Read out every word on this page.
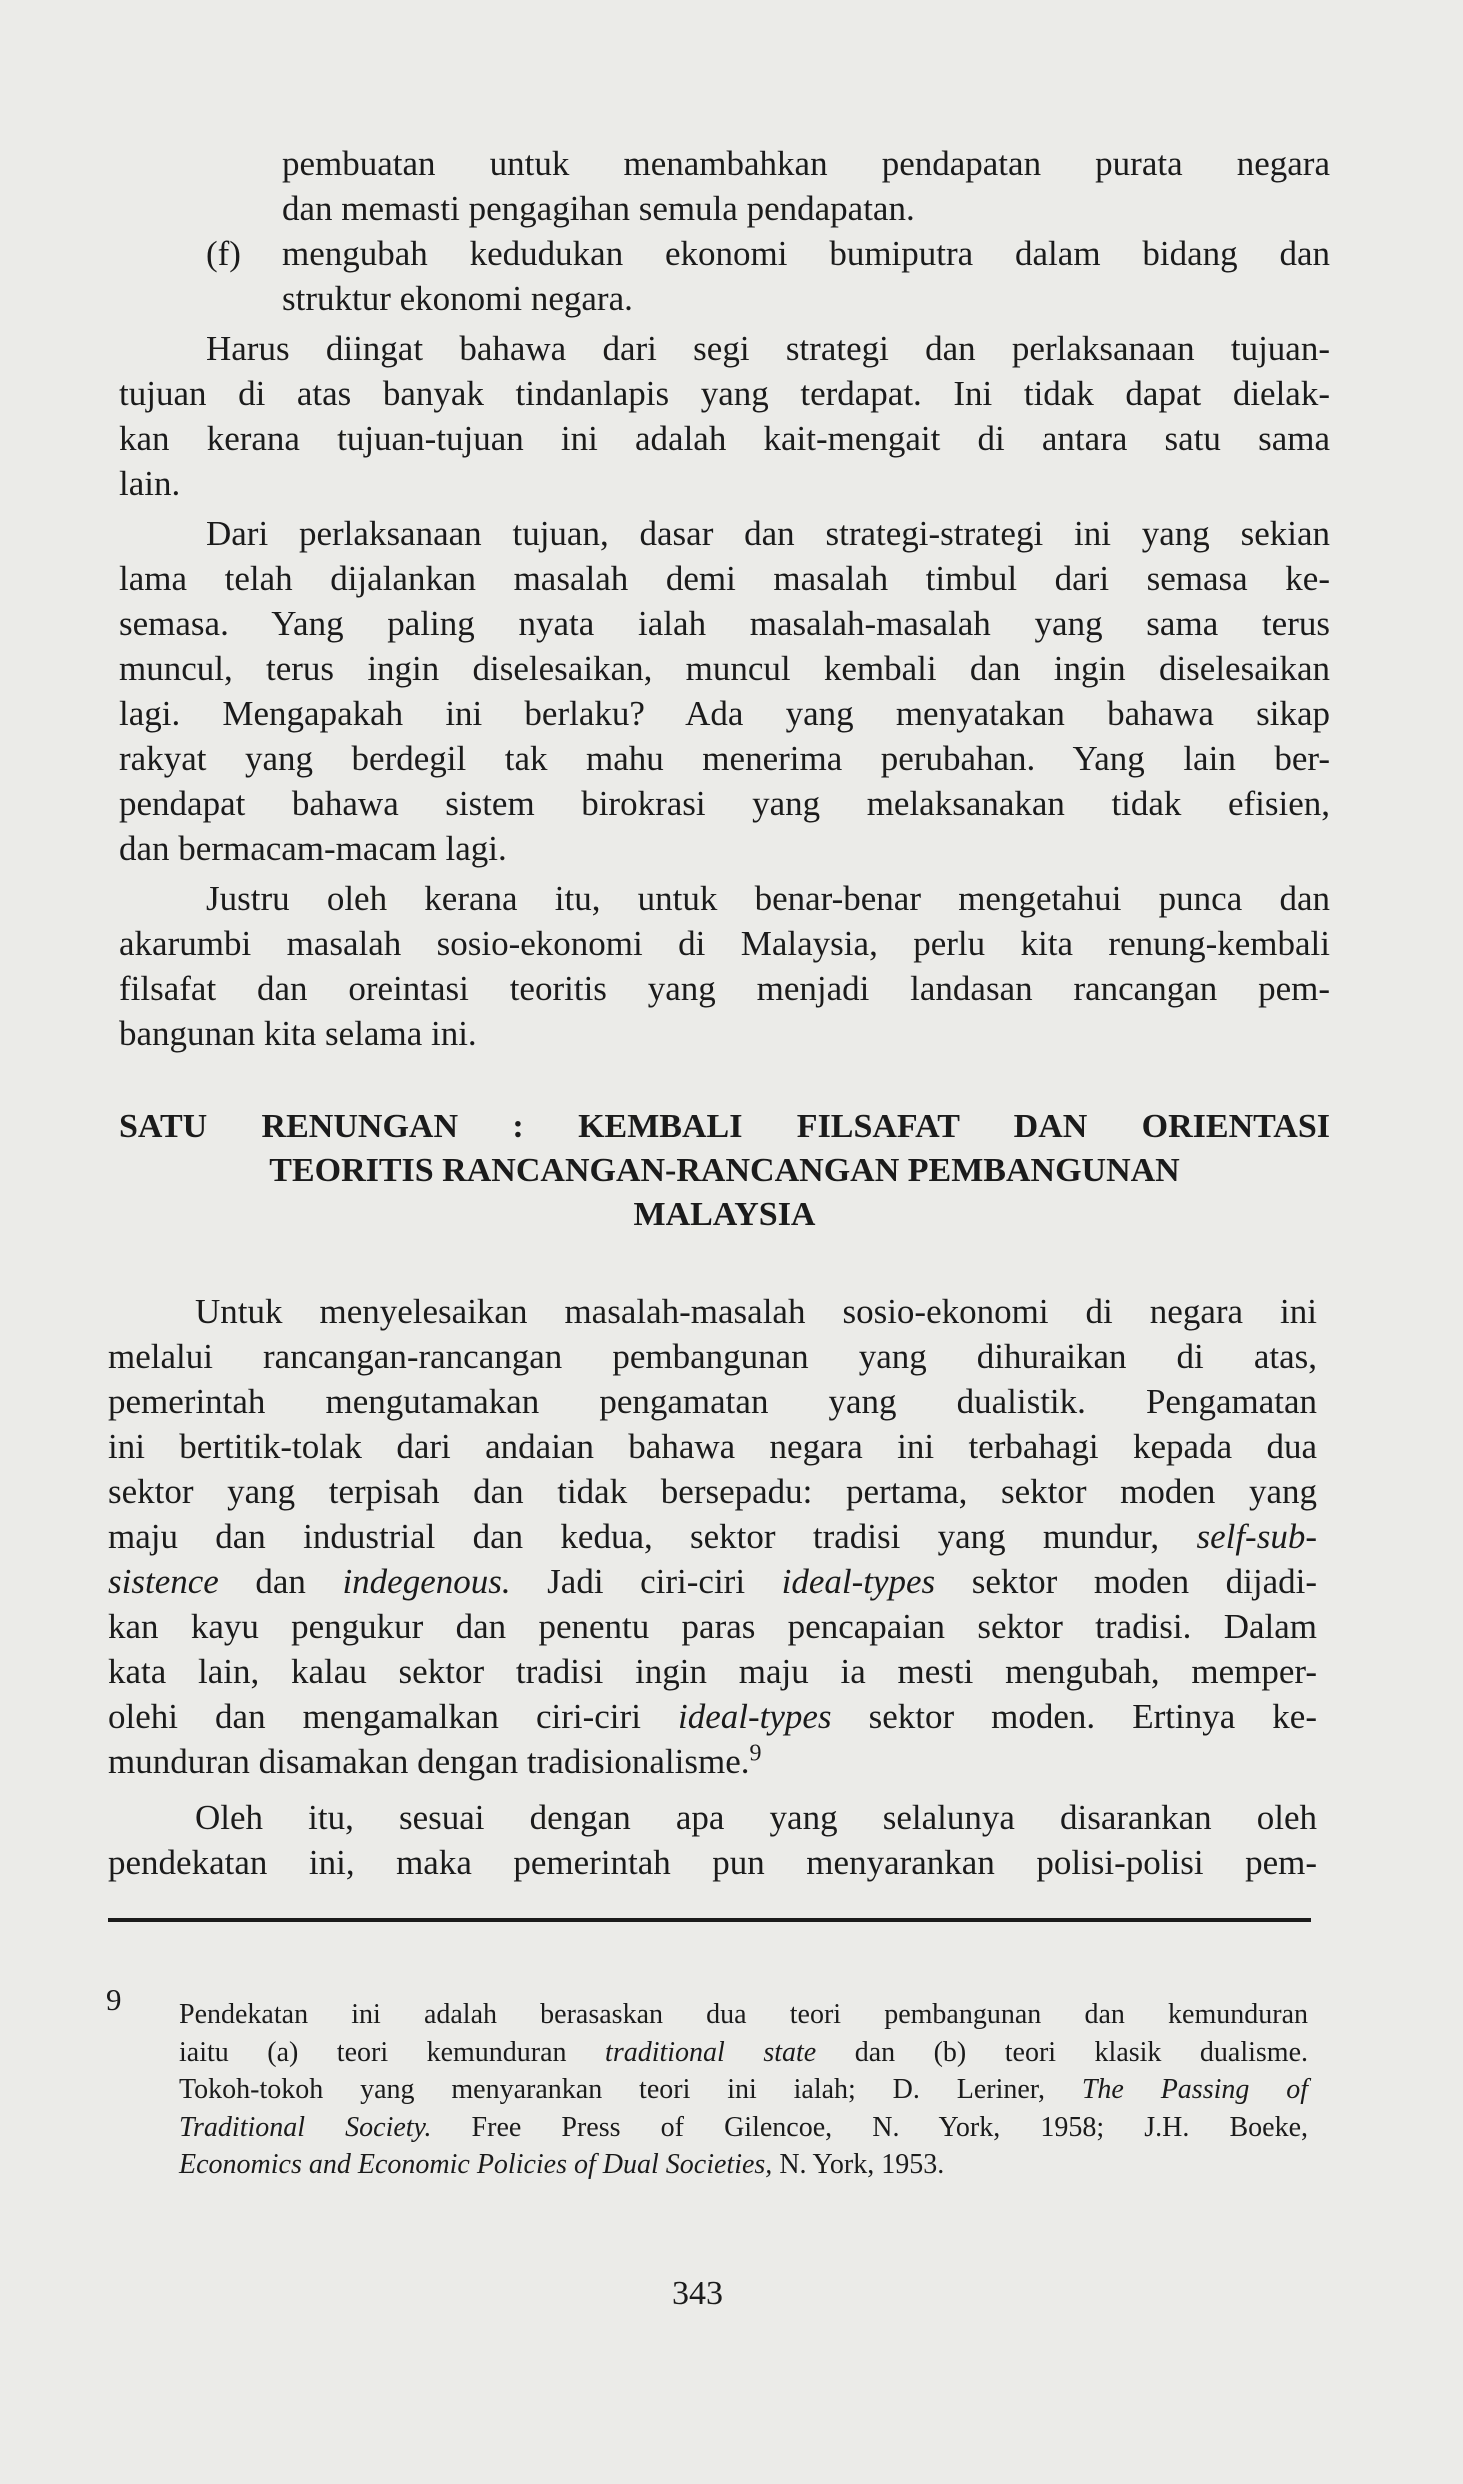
pembuatan untuk menambahkan pendapatan purata negara
dan memasti pengagihan semula pendapatan.
(f) mengubah kedudukan ekonomi bumiputra dalam bidang dan
struktur ekonomi negara.
Harus diingat bahawa dari segi strategi dan perlaksanaan tujuan-
tujuan di atas banyak tindanlapis yang terdapat. Ini tidak dapat dielak-
kan kerana tujuan-tujuan ini adalah kait-mengait di antara satu sama
lain.
Dari perlaksanaan tujuan, dasar dan strategi-strategi ini yang sekian
lama telah dijalankan masalah demi masalah timbul dari semasa ke-
semasa. Yang paling nyata ialah masalah-masalah yang sama terus
muncul, terus ingin diselesaikan, muncul kembali dan ingin diselesaikan
lagi. Mengapakah ini berlaku? Ada yang menyatakan bahawa sikap
rakyat yang berdegil tak mahu menerima perubahan. Yang lain ber-
pendapat bahawa sistem birokrasi yang melaksanakan tidak efisien,
dan bermacam-macam lagi.
Justru oleh kerana itu, untuk benar-benar mengetahui punca dan
akarumbi masalah sosio-ekonomi di Malaysia, perlu kita renung-kembali
filsafat dan oreintasi teoritis yang menjadi landasan rancangan pem-
bangunan kita selama ini.
SATU RENUNGAN : KEMBALI FILSAFAT DAN ORIENTASI
TEORITIS RANCANGAN-RANCANGAN PEMBANGUNAN
MALAYSIA
Untuk menyelesaikan masalah-masalah sosio-ekonomi di negara ini
melalui rancangan-rancangan pembangunan yang dihuraikan di atas,
pemerintah mengutamakan pengamatan yang dualistik. Pengamatan
ini bertitik-tolak dari andaian bahawa negara ini terbahagi kepada dua
sektor yang terpisah dan tidak bersepadu: pertama, sektor moden yang
maju dan industrial dan kedua, sektor tradisi yang mundur, self-sub-
sistence dan indegenous. Jadi ciri-ciri ideal-types sektor moden dijadi-
kan kayu pengukur dan penentu paras pencapaian sektor tradisi. Dalam
kata lain, kalau sektor tradisi ingin maju ia mesti mengubah, memper-
olehi dan mengamalkan ciri-ciri ideal-types sektor moden. Ertinya ke-
munduran disamakan dengan tradisionalisme.$^9$
Oleh itu, sesuai dengan apa yang selalunya disarankan oleh
pendekatan ini, maka pemerintah pun menyarankan polisi-polisi pem-
9 Pendekatan ini adalah berasaskan dua teori pembangunan dan kemunduran
iaitu (a) teori kemunduran traditional state dan (b) teori klasik dualisme.
Tokoh-tokoh yang menyarankan teori ini ialah; D. Leriner, The Passing of
Traditional Society. Free Press of Gilencoe, N. York, 1958; J.H. Boeke,
Economics and Economic Policies of Dual Societies, N. York, 1953.
343
